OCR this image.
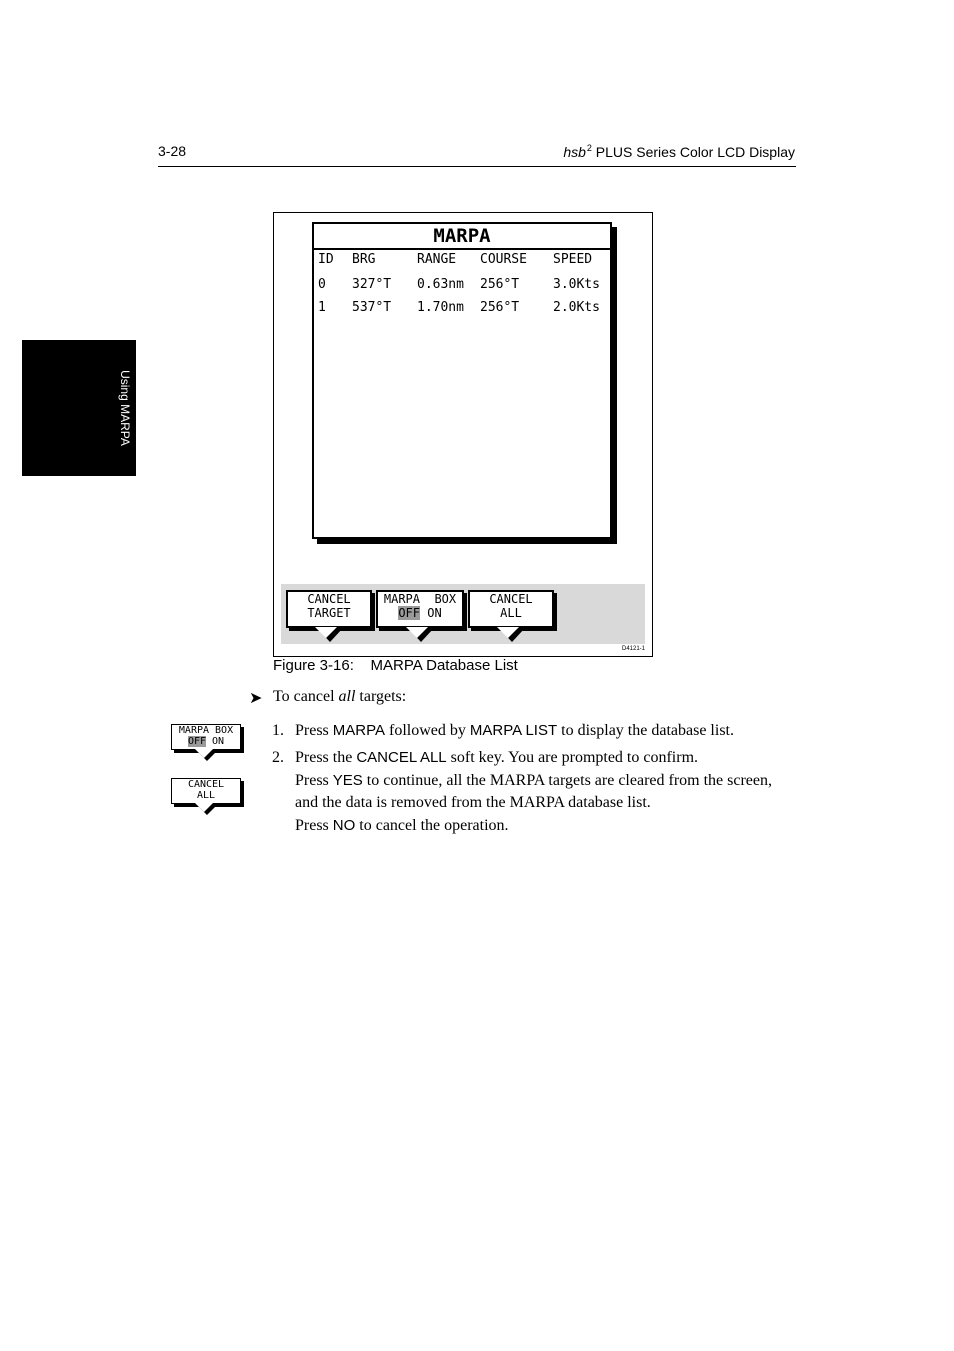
3-28	hsb$^2$ PLUS Series Color LCD Display
Using MARPA
MARPA
ID BRG	RANGE COURSE SPEED
0 327°T 0.63nm 256°T	3.0Kts
1 537°T 1.70nm 256°T	2.0Kts
CANCEL
TARGET
MARPA  BOX
OFF ON
CANCEL
ALL
D4121-1
Figure 3-16:    MARPA Database List
➤ To cancel all targets:
1. Press MARPA followed by MARPA LIST to display the database list.
2. Press the CANCEL ALL soft key. You are prompted to confirm.
Press YES to continue, all the MARPA targets are cleared from the screen,
and the data is removed from the MARPA database list.
Press NO to cancel the operation.
MARPA BOX
OFF ON
CANCEL
ALL
